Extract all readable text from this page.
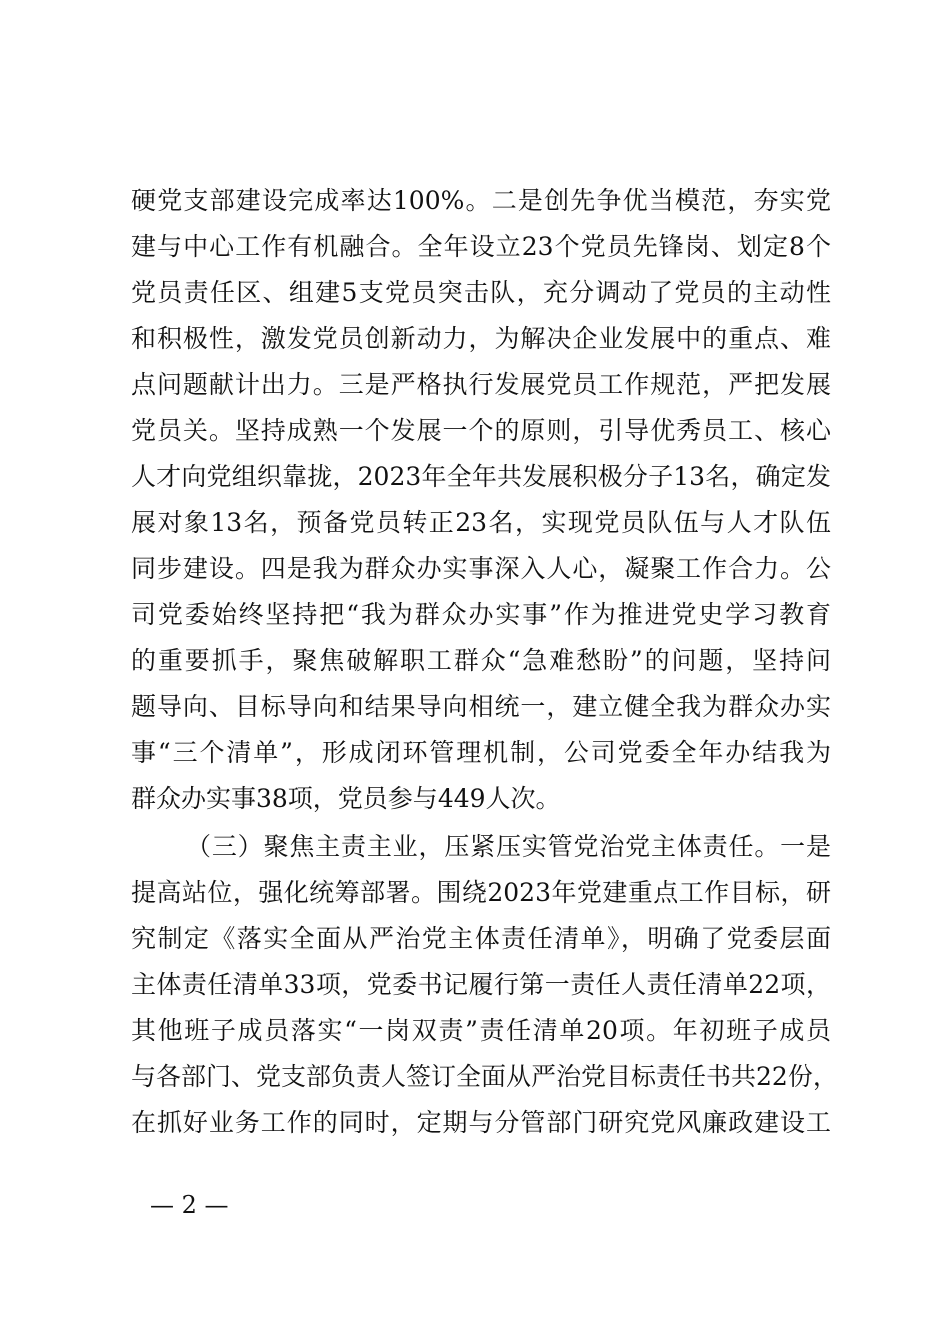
硬党支部建设完成率达100%。二是创先争优当模范，夯实党
建与中心工作有机融合。全年设立23个党员先锋岗、划定8个
党员责任区、组建5支党员突击队，充分调动了党员的主动性
和积极性，激发党员创新动力，为解决企业发展中的重点、难
点问题献计出力。三是严格执行发展党员工作规范，严把发展
党员关。坚持成熟一个发展一个的原则，引导优秀员工、核心
人才向党组织靠拢，2023年全年共发展积极分子13名，确定发
展对象13名，预备党员转正23名，实现党员队伍与人才队伍
同步建设。四是我为群众办实事深入人心，凝聚工作合力。公
司党委始终坚持把“我为群众办实事”作为推进党史学习教育
的重要抓手，聚焦破解职工群众“急难愁盼”的问题，坚持问
题导向、目标导向和结果导向相统一，建立健全我为群众办实
事“三个清单”，形成闭环管理机制，公司党委全年办结我为
群众办实事38项，党员参与449人次。
（三）聚焦主责主业，压紧压实管党治党主体责任。一是
提高站位，强化统筹部署。围绕2023年党建重点工作目标，研
究制定《落实全面从严治党主体责任清单》，明确了党委层面
主体责任清单33项，党委书记履行第一责任人责任清单22项，
其他班子成员落实“一岗双责”责任清单20项。年初班子成员
与各部门、党支部负责人签订全面从严治党目标责任书共22份，
在抓好业务工作的同时，定期与分管部门研究党风廉政建设工
— 2 —
